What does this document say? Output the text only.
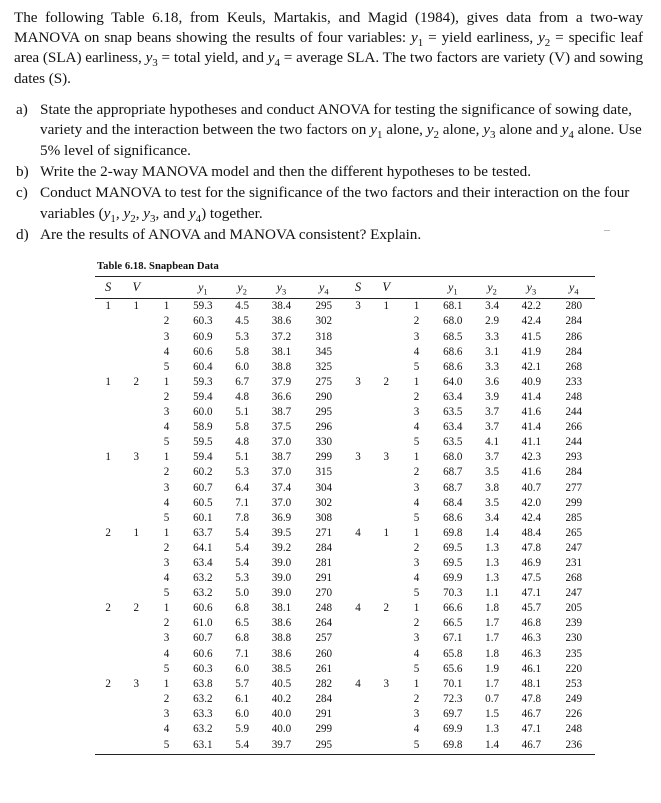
The following Table 6.18, from Keuls, Martakis, and Magid (1984), gives data from a two-way MANOVA on snap beans showing the results of four variables: $y_1$ = yield earliness, $y_2$ = specific leaf area (SLA) earliness, $y_3$ = total yield, and $y_4$ = average SLA. The two factors are variety (V) and sowing dates (S).

a) State the appropriate hypotheses and conduct ANOVA for testing the significance of sowing date, variety and the interaction between the two factors on $y_1$ alone, $y_2$ alone, $y_3$ alone and $y_4$ alone. Use 5% level of significance.
b) Write the 2-way MANOVA model and then the different hypotheses to be tested.
c) Conduct MANOVA to test for the significance of the two factors and their interaction on the four variables ($y_1$, $y_2$, $y_3$, and $y_4$) together.
d) Are the results of ANOVA and MANOVA consistent? Explain.
Table 6.18. Snapbean Data
S	V		$y_1$	$y_2$	$y_3$	$y_4$	S	V		$y_1$	$y_2$	$y_3$	$y_4$
1	1	1	59.3	4.5	38.4	295	3	1	1	68.1	3.4	42.2	280
		2	60.3	4.5	38.6	302			2	68.0	2.9	42.4	284
		3	60.9	5.3	37.2	318			3	68.5	3.3	41.5	286
		4	60.6	5.8	38.1	345			4	68.6	3.1	41.9	284
		5	60.4	6.0	38.8	325			5	68.6	3.3	42.1	268
1	2	1	59.3	6.7	37.9	275	3	2	1	64.0	3.6	40.9	233
		2	59.4	4.8	36.6	290			2	63.4	3.9	41.4	248
		3	60.0	5.1	38.7	295			3	63.5	3.7	41.6	244
		4	58.9	5.8	37.5	296			4	63.4	3.7	41.4	266
		5	59.5	4.8	37.0	330			5	63.5	4.1	41.1	244
1	3	1	59.4	5.1	38.7	299	3	3	1	68.0	3.7	42.3	293
		2	60.2	5.3	37.0	315			2	68.7	3.5	41.6	284
		3	60.7	6.4	37.4	304			3	68.7	3.8	40.7	277
		4	60.5	7.1	37.0	302			4	68.4	3.5	42.0	299
		5	60.1	7.8	36.9	308			5	68.6	3.4	42.4	285
2	1	1	63.7	5.4	39.5	271	4	1	1	69.8	1.4	48.4	265
		2	64.1	5.4	39.2	284			2	69.5	1.3	47.8	247
		3	63.4	5.4	39.0	281			3	69.5	1.3	46.9	231
		4	63.2	5.3	39.0	291			4	69.9	1.3	47.5	268
		5	63.2	5.0	39.0	270			5	70.3	1.1	47.1	247
2	2	1	60.6	6.8	38.1	248	4	2	1	66.6	1.8	45.7	205
		2	61.0	6.5	38.6	264			2	66.5	1.7	46.8	239
		3	60.7	6.8	38.8	257			3	67.1	1.7	46.3	230
		4	60.6	7.1	38.6	260			4	65.8	1.8	46.3	235
		5	60.3	6.0	38.5	261			5	65.6	1.9	46.1	220
2	3	1	63.8	5.7	40.5	282	4	3	1	70.1	1.7	48.1	253
		2	63.2	6.1	40.2	284			2	72.3	0.7	47.8	249
		3	63.3	6.0	40.0	291			3	69.7	1.5	46.7	226
		4	63.2	5.9	40.0	299			4	69.9	1.3	47.1	248
		5	63.1	5.4	39.7	295			5	69.8	1.4	46.7	236
